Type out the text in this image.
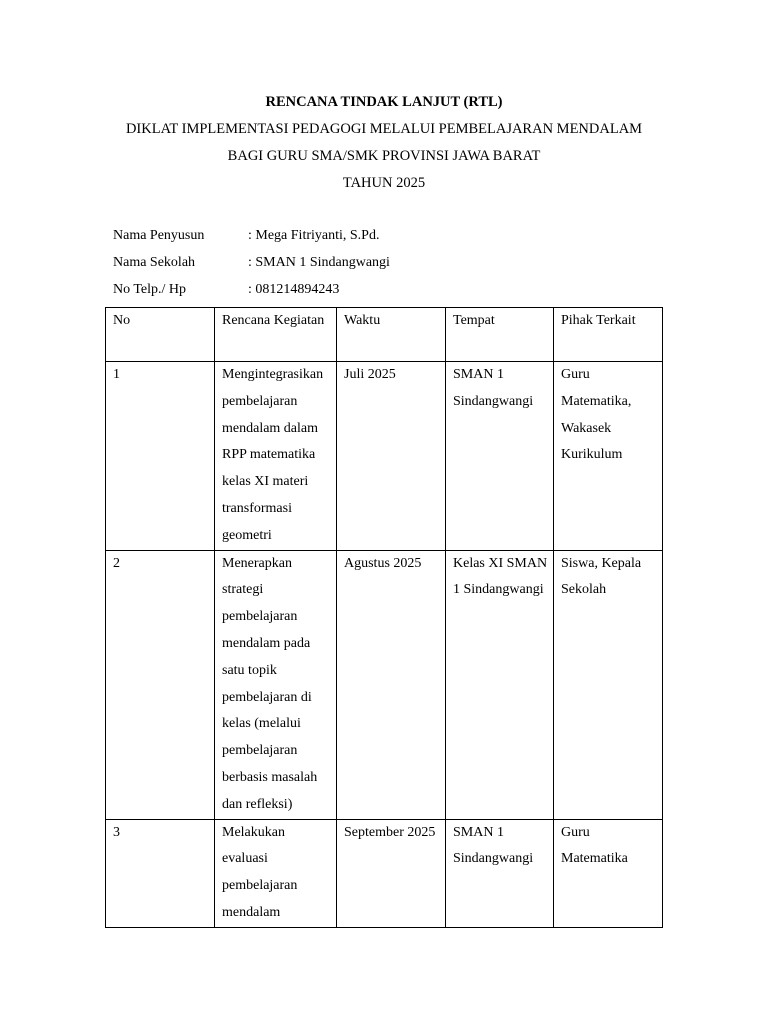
RENCANA TINDAK LANJUT (RTL)
DIKLAT IMPLEMENTASI PEDAGOGI MELALUI PEMBELAJARAN MENDALAM
BAGI GURU SMA/SMK PROVINSI JAWA BARAT
TAHUN 2025
Nama Penyusun	: Mega Fitriyanti, S.Pd.
Nama Sekolah	: SMAN 1 Sindangwangi
No Telp./ Hp	: 081214894243
No	Rencana Kegiatan	Waktu	Tempat	Pihak Terkait
1	Mengintegrasikan pembelajaran mendalam dalam RPP matematika kelas XI materi transformasi geometri	Juli 2025	SMAN 1 Sindangwangi	Guru Matematika, Wakasek Kurikulum
2	Menerapkan strategi pembelajaran mendalam pada satu topik pembelajaran di kelas (melalui pembelajaran berbasis masalah dan refleksi)	Agustus 2025	Kelas XI SMAN 1 Sindangwangi	Siswa, Kepala Sekolah
3	Melakukan evaluasi pembelajaran mendalam	September 2025	SMAN 1 Sindangwangi	Guru Matematika
